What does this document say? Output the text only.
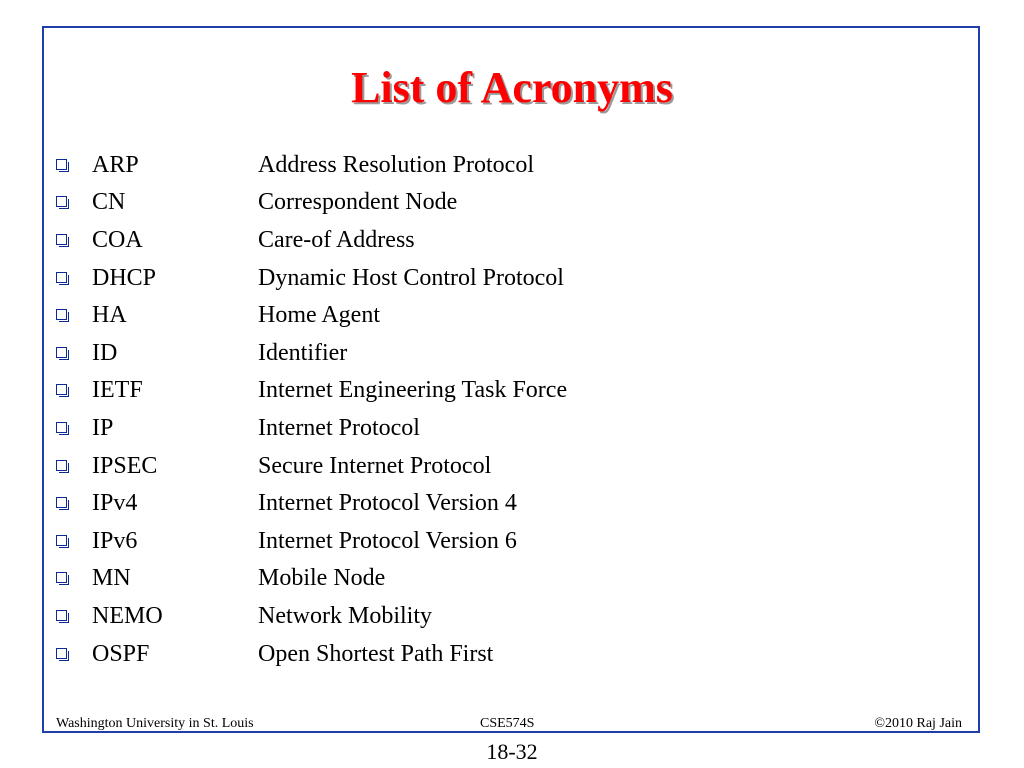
List of Acronyms
ARP	Address Resolution Protocol
CN	Correspondent Node
COA	Care-of Address
DHCP	Dynamic Host Control Protocol
HA	Home Agent
ID	Identifier
IETF	Internet Engineering Task Force
IP	Internet Protocol
IPSEC	Secure Internet Protocol
IPv4	Internet Protocol Version 4
IPv6	Internet Protocol Version 6
MN	Mobile Node
NEMO	Network Mobility
OSPF	Open Shortest Path First
Washington University in St. Louis	CSE574S	©2010 Raj Jain
18-32
